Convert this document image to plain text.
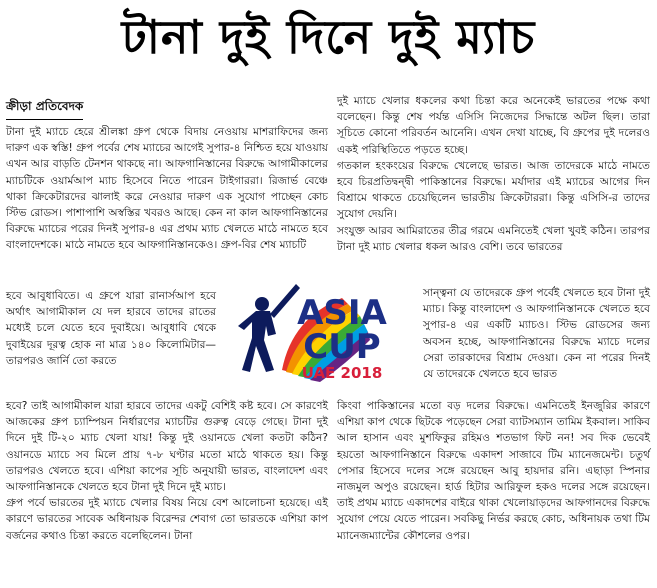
টানা দুই দিনে দুই ম্যাচ
ক্রীড়া প্রতিবেদক

টানা দুই ম্যাচে হেরে শ্রীলঙ্কা গ্রুপ থেকে বিদায় নেওয়ায় মাশরাফিদের জন্য দারুণ এক স্বস্তি! গ্রুপ পর্বের শেষ ম্যাচের আগেই সুপার-৪ নিশ্চিত হয়ে যাওয়ায় এখন আর বাড়তি টেনশন থাকছে না। আফগানিস্তানের বিরুদ্ধে আগামীকালের ম্যাচটিকে ওয়ার্মআপ ম্যাচ হিসেবে নিতে পারেন টাইগাররা। রিজার্ভ বেঞ্চে থাকা ক্রিকেটারদের ঝালাই করে নেওয়ার দারুণ এক সুযোগ পাচ্ছেন কোচ স্টিভ রোডস। পাশাপাশি অস্বস্তির খবরও আছে। কেন না কাল আফগানিস্তানের বিরুদ্ধে ম্যাচের পরের দিনই সুপার-৪ এর প্রথম ম্যাচ খেলতে মাঠে নামতে হবে বাংলাদেশকে। মাঠে নামতে হবে আফগানিস্তানকেও। গ্রুপ-বির শেষ ম্যাচটি

হবে আবুধাবিতে। এ গ্রুপে যারা রানার্সআপ হবে অর্থাৎ আগামীকাল যে দল হারবে তাদের রাতের মধ্যেই চলে যেতে হবে দুবাইয়ে। আবুধাবি থেকে দুবাইয়ের দূরত্ব হোক না মাত্র ১৪০ কিলোমিটার—তারপরও জার্নি তো করতে

হবে? তাই আগামীকাল যারা হারবে তাদের একটু বেশিই কষ্ট হবে। সে কারণেই আজকের গ্রুপ চ্যাম্পিয়ন নির্ধারণের ম্যাচটির গুরুত্ব বেড়ে গেছে। টানা দুই দিনে দুই টি-২০ ম্যাচ খেলা যায়! কিন্তু দুই ওয়ানডে খেলা কতটা কঠিন? ওয়ানডে ম্যাচে সব মিলে প্রায় ৭-৮ ঘণ্টার মতো মাঠে থাকতে হয়। কিন্তু তারপরও খেলতে হবে। এশিয়া কাপের সূচি অনুযায়ী ভারত, বাংলাদেশ এবং আফগানিস্তানকে খেলতে হবে টানা দুই দিনে দুই ম্যাচ।

গ্রুপ পর্বে ভারতের দুই ম্যাচে খেলার বিষয় নিয়ে বেশ আলোচনা হয়েছে। এই কারণে ভারতের সাবেক অধিনায়ক বিরেন্দর শেবাগ তো ভারতকে এশিয়া কাপ বর্জনের কথাও চিন্তা করতে বলেছিলেন। টানা

দুই ম্যাচে খেলার ধকলের কথা চিন্তা করে অনেকেই ভারতের পক্ষে কথা বলেছেন। কিন্তু শেষ পর্যন্ত এসিসি নিজেদের সিদ্ধান্তে অটল ছিল। তারা সূচিতে কোনো পরিবর্তন আনেনি। এখন দেখা যাচ্ছে, বি গ্রুপের দুই দলেরও একই পরিস্থিতিতে পড়তে হচ্ছে।

গতকাল হংকংয়ের বিরুদ্ধে খেলেছে ভারত। আজ তাদেরকে মাঠে নামতে হবে চিরপ্রতিদ্বন্দ্বী পাকিস্তানের বিরুদ্ধে। মর্যাদার এই ম্যাচের আগের দিন বিশ্রামে থাকতে চেয়েছিলেন ভারতীয় ক্রিকেটাররা। কিন্তু এসিসি-র তাদের সুযোগ দেয়নি।

সংযুক্ত আরব আমিরাতের তীব্র গরমে এমনিতেই খেলা খুবই কঠিন। তারপর টানা দুই ম্যাচ খেলার ধকল আরও বেশি। তবে ভারতের

সান্ত্বনা যে তাদেরকে গ্রুপ পর্বেই খেলতে হবে টানা দুই ম্যাচ। কিন্তু বাংলাদেশ ও আফগানিস্তানকে খেলতে হবে সুপার-৪ এর একটি ম্যাচও। স্টিভ রোডসের জন্য অবসন হচ্ছে, আফগানিস্তানের বিরুদ্ধে ম্যাচে দলের সেরা তারকাদের বিশ্রাম দেওয়া। কেন না পরের দিনই যে তাদেরকে খেলতে হবে ভারত

কিংবা পাকিস্তানের মতো বড় দলের বিরুদ্ধে। এমনিতেই ইনজুরির কারণে এশিয়া কাপ থেকে ছিটকে পড়েছেন সেরা ব্যাটসম্যান তামিম ইকবাল। সাকিব আল হাসান এবং মুশফিকুর রহিমও শতভাগ ফিট নন! সব দিক ভেবেই হয়তো আফগানিস্তানে বিরুদ্ধে একাদশ সাজাবে টিম ম্যানেজমেন্ট। চতুর্থ পেসার হিসেবে দলের সঙ্গে রয়েছেন আবু হায়দার রনি। এছাড়া স্পিনার নাজমুল অপুও রয়েছেন। হার্ড হিটার আরিফুল হকও দলের সঙ্গে রয়েছেন। তাই প্রথম ম্যাচে একাদশের বাইরে থাকা খেলোয়াড়দের আফগানদের বিরুদ্ধে সুযোগ পেয়ে যেতে পারেন। সবকিছু নির্ভর করছে কোচ, অধিনায়ক তথা টিম ম্যানেজম্যান্টের কৌশলের ওপর।

ASIA
CUP
UAE 2018
